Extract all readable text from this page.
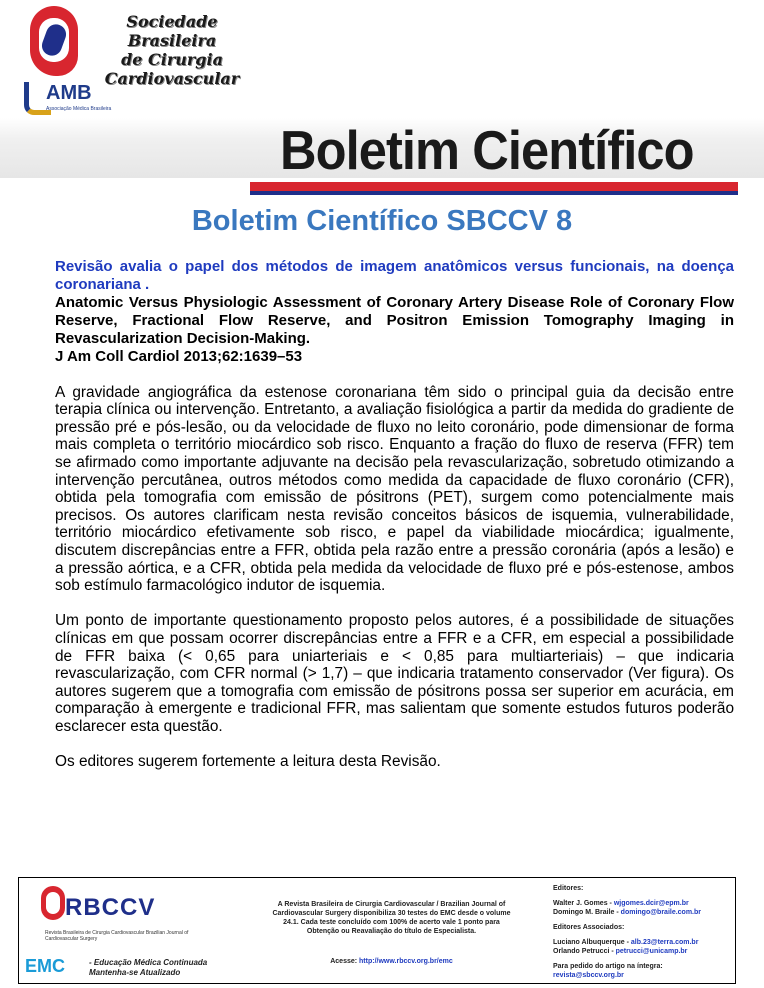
Sociedade Brasileira
de Cirurgia
Cardiovascular
AMB
Associação Médica Brasileira
Boletim Científico
Boletim Científico SBCCV 8

Revisão avalia o papel dos métodos de imagem anatômicos versus funcionais, na doença coronariana .

Anatomic Versus Physiologic Assessment of Coronary Artery Disease Role of Coronary Flow Reserve, Fractional Flow Reserve, and Positron Emission Tomography Imaging in Revascularization Decision-Making.

J Am Coll Cardiol 2013;62:1639–53

A gravidade angiográfica da estenose coronariana têm sido o principal guia da decisão entre terapia clínica ou intervenção. Entretanto, a avaliação fisiológica a partir da medida do gradiente de pressão pré e pós-lesão, ou da velocidade de fluxo no leito coronário, pode dimensionar de forma mais completa o território miocárdico sob risco. Enquanto a fração do fluxo de reserva (FFR) tem se afirmado como importante adjuvante na decisão pela revascularização, sobretudo otimizando a intervenção percutânea, outros métodos como medida da capacidade de fluxo coronário (CFR), obtida pela tomografia com emissão de pósitrons (PET), surgem como potencialmente mais precisos. Os autores clarificam nesta revisão conceitos básicos de isquemia, vulnerabilidade, território miocárdico efetivamente sob risco, e papel da viabilidade miocárdica; igualmente, discutem discrepâncias entre a FFR, obtida pela razão entre a pressão coronária (após a lesão) e a pressão aórtica, e a CFR, obtida pela medida da velocidade de fluxo pré e pós-estenose, ambos sob estímulo farmacológico indutor de isquemia.

Um ponto de importante questionamento proposto pelos autores, é a possibilidade de situações clínicas em que possam ocorrer discrepâncias entre a FFR e a CFR, em especial a possibilidade de FFR baixa (< 0,65 para uniarteriais e < 0,85 para multiarteriais) – que indicaria revascularização, com CFR normal (> 1,7) – que indicaria tratamento conservador (Ver figura). Os autores sugerem que a tomografia com emissão de pósitrons possa ser superior em acurácia, em comparação à emergente e tradicional FFR, mas salientam que somente estudos futuros poderão esclarecer esta questão.

Os editores sugerem fortemente a leitura desta Revisão.

RBCCV
Revista Brasileira de Cirurgia Cardiovascular Brazilian Journal of Cardiovascular Surgery
EMC	- Educação Médica Continuada
Mantenha-se Atualizado
A Revista Brasileira de Cirurgia Cardiovascular / Brazilian Journal of Cardiovascular Surgery disponibiliza 30 testes do EMC desde o volume 24.1. Cada teste concluído com 100% de acerto vale 1 ponto para Obtenção ou Reavaliação do título de Especialista.
Acesse: http://www.rbccv.org.br/emc
Editores:
Walter J. Gomes - wjgomes.dcir@epm.br
Domingo M. Braile - domingo@braile.com.br
Editores Associados:
Luciano Albuquerque - alb.23@terra.com.br
Orlando Petrucci - petrucci@unicamp.br
Para pedido do artigo na íntegra:
revista@sbccv.org.br
